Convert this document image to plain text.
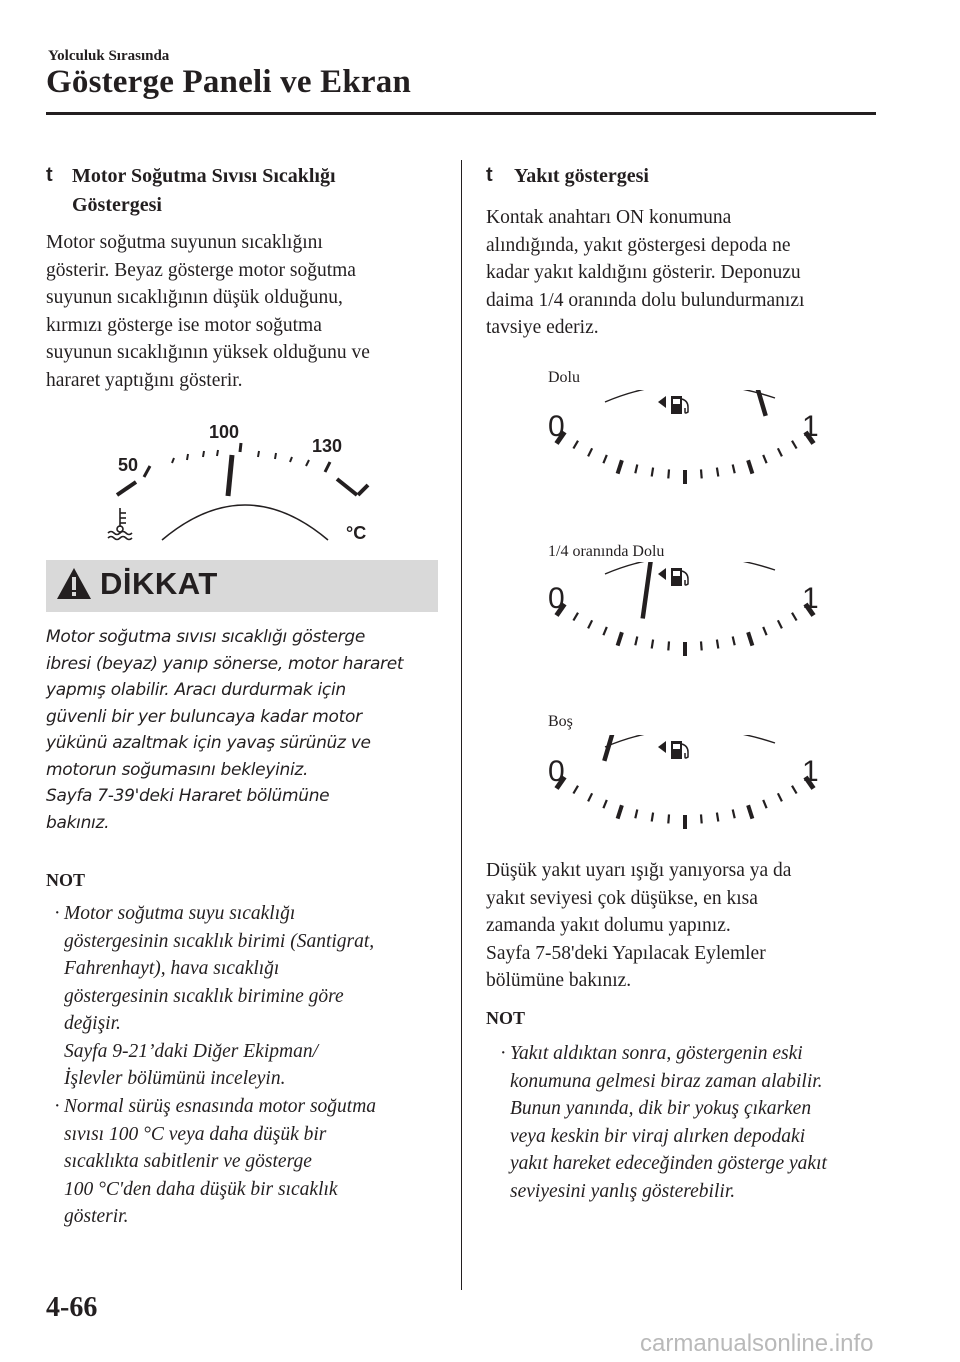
Yolculuk Sırasında
Gösterge Paneli ve Ekran
t Motor Soğutma Sıvısı Sıcaklığı
Göstergesi
Motor soğutma suyunun sıcaklığını
gösterir. Beyaz gösterge motor soğutma
suyunun sıcaklığının düşük olduğunu,
kırmızı gösterge ise motor soğutma
suyunun sıcaklığının yüksek olduğunu ve
hararet yaptığını gösterir.
50
100
130
°C
DİKKAT
Motor soğutma sıvısı sıcaklığı gösterge
ibresi (beyaz) yanıp sönerse, motor hararet
yapmış olabilir. Aracı durdurmak için
güvenli bir yer buluncaya kadar motor
yükünü azaltmak için yavaş sürünüz ve
motorun soğumasını bekleyiniz.
Sayfa 7-39'deki Hararet bölümüne
bakınız.
NOT
· Motor soğutma suyu sıcaklığı
göstergesinin sıcaklık birimi (Santigrat,
Fahrenhayt), hava sıcaklığı
göstergesinin sıcaklık birimine göre
değişir.
Sayfa 9-21’daki Diğer Ekipman/
İşlevler bölümünü inceleyin.
· Normal sürüş esnasında motor soğutma
sıvısı 100 °C veya daha düşük bir
sıcaklıkta sabitlenir ve gösterge
100 °C'den daha düşük bir sıcaklık
gösterir.
t Yakıt göstergesi
Kontak anahtarı ON konumuna
alındığında, yakıt göstergesi depoda ne
kadar yakıt kaldığını gösterir. Deponuzu
daima 1/4 oranında dolu bulundurmanızı
tavsiye ederiz.
Dolu
0	1
1/4 oranında Dolu
0	1
Boş
0	1
Düşük yakıt uyarı ışığı yanıyorsa ya da
yakıt seviyesi çok düşükse, en kısa
zamanda yakıt dolumu yapınız.
Sayfa 7-58'deki Yapılacak Eylemler
bölümüne bakınız.
NOT
· Yakıt aldıktan sonra, göstergenin eski
konumuna gelmesi biraz zaman alabilir.
Bunun yanında, dik bir yokuş çıkarken
veya keskin bir viraj alırken depodaki
yakıt hareket edeceğinden gösterge yakıt
seviyesini yanlış gösterebilir.
4-66
carmanualsonline.info
